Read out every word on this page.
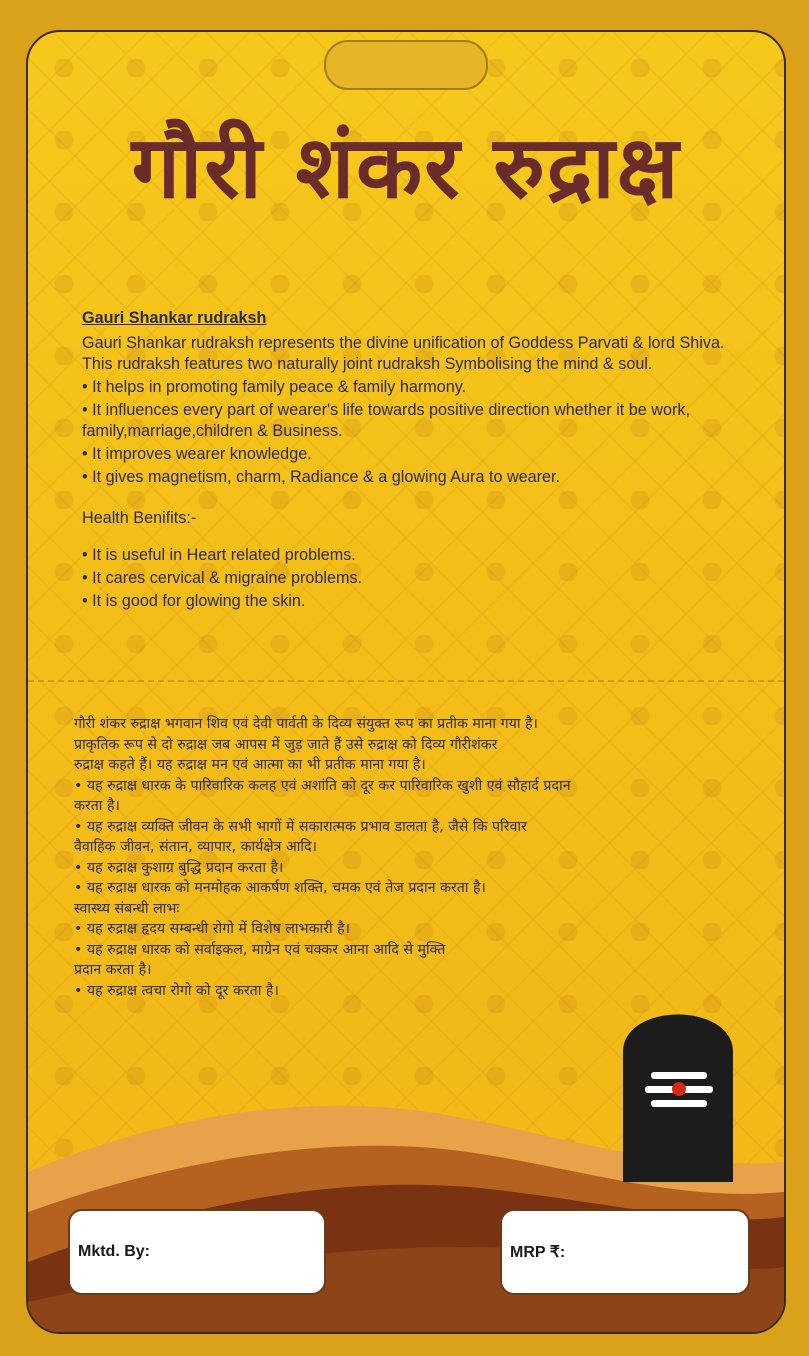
गौरी शंकर रुद्राक्ष
Gauri Shankar rudraksh

Gauri Shankar rudraksh represents the divine unification of Goddess Parvati & lord Shiva.

This rudraksh features two naturally joint rudraksh Symbolising the mind & soul.

• It helps in promoting family peace & family harmony.

• It influences every part of wearer's life towards positive direction whether it be work, family,marriage,children & Business.

• It improves wearer knowledge.

• It gives magnetism, charm, Radiance & a glowing Aura to wearer.

Health Benifits:-

• It is useful in Heart related problems.

• It cares cervical & migraine problems.

• It is good for glowing the skin.

गौरी शंकर रुद्राक्ष भगवान शिव एवं देवी पार्वती के दिव्य संयुक्त रूप का प्रतीक माना गया है।

प्राकृतिक रूप से दो रुद्राक्ष जब आपस में जुड़ जाते हैं उसे रुद्राक्ष को दिव्य गौरीशंकर

रुद्राक्ष कहते हैं। यह रुद्राक्ष मन एवं आत्मा का भी प्रतीक माना गया है।

• यह रुद्राक्ष धारक के पारिवारिक कलह एवं अशांति को दूर कर पारिवारिक खुशी एवं सौहार्द प्रदान

करता है।

• यह रुद्राक्ष व्यक्ति जीवन के सभी भागों में सकारात्मक प्रभाव डालता है, जैसे कि परिवार

वैवाहिक जीवन, संतान, व्यापार, कार्यक्षेत्र आदि।

• यह रुद्राक्ष कुशाग्र बुद्धि प्रदान करता है।

• यह रुद्राक्ष धारक को मनमोहक आकर्षण शक्ति, चमक एवं तेज प्रदान करता है।

स्वास्थ्य संबन्धी लाभः

• यह रुद्राक्ष हृदय सम्बन्धी रोगो में विशेष लाभकारी है।

• यह रुद्राक्ष धारक को सर्वाइकल, माग्रेन एवं चक्कर आना आदि से मुक्ति

प्रदान करता है।

• यह रुद्राक्ष त्वचा रोगो को दूर करता है।

Mktd. By:	MRP ₹:
